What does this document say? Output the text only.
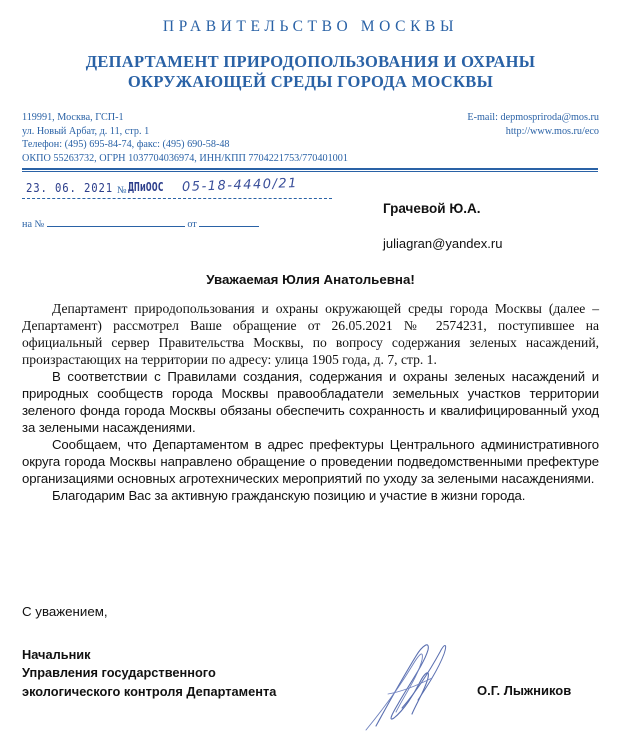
ПРАВИТЕЛЬСТВО МОСКВЫ
ДЕПАРТАМЕНТ ПРИРОДОПОЛЬЗОВАНИЯ И ОХРАНЫ
ОКРУЖАЮЩЕЙ СРЕДЫ ГОРОДА МОСКВЫ
119991, Москва, ГСП-1
ул. Новый Арбат, д. 11, стр. 1
Телефон: (495) 695-84-74, факс: (495) 690-58-48
ОКПО 55263732, ОГРН 1037704036974, ИНН/КПП 7704221753/770401001
E-mail: depmospriroda@mos.ru
http://www.mos.ru/eco
23. 06. 2021 № ДПиООС 05-18-4440/21
на №	от
Грачевой Ю.А.
juliagran@yandex.ru
Уважаемая Юлия Анатольевна!

Департамент природопользования и охраны окружающей среды города Москвы (далее – Департамент) рассмотрел Ваше обращение от 26.05.2021 № 2574231, поступившее на официальный сервер Правительства Москвы, по вопросу содержания зеленых насаждений, произрастающих на территории по адресу: улица 1905 года, д. 7, стр. 1.

В соответствии с Правилами создания, содержания и охраны зеленых насаждений и природных сообществ города Москвы правообладатели земельных участков территории зеленого фонда города Москвы обязаны обеспечить сохранность и квалифицированный уход за зелеными насаждениями.

Сообщаем, что Департаментом в адрес префектуры Центрального административного округа города Москвы направлено обращение о проведении подведомственными префектуре организациями основных агротехнических мероприятий по уходу за зелеными насаждениями.

Благодарим Вас за активную гражданскую позицию и участие в жизни города.

С уважением,
Начальник
Управления государственного
экологического контроля Департамента	О.Г. Лыжников
